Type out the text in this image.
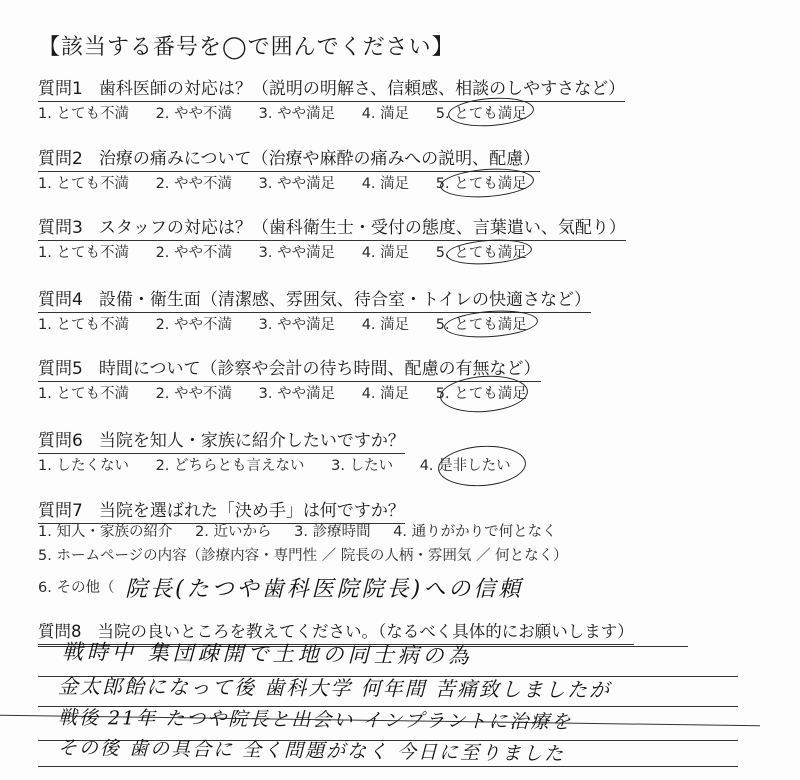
【該当する番号を◯で囲んでください】
質問1 歯科医師の対応は？（説明の明解さ、信頼感、相談のしやすさなど）
1. とても不満 2. やや不満 3. やや満足 4. 満足 5. とても満足
質問2 治療の痛みについて（治療や麻酔の痛みへの説明、配慮）
1. とても不満 2. やや不満 3. やや満足 4. 満足 5. とても満足
質問3 スタッフの対応は？（歯科衛生士・受付の態度、言葉遣い、気配り）
1. とても不満 2. やや不満 3. やや満足 4. 満足 5. とても満足
質問4 設備・衛生面（清潔感、雰囲気、待合室・トイレの快適さなど）
1. とても不満 2. やや不満 3. やや満足 4. 満足 5. とても満足
質問5 時間について（診察や会計の待ち時間、配慮の有無など）
1. とても不満 2. やや不満 3. やや満足 4. 満足 5. とても満足
質問6 当院を知人・家族に紹介したいですか？
1. したくない 2. どちらとも言えない 3. したい 4. 是非したい
質問7 当院を選ばれた「決め手」は何ですか？
1. 知人・家族の紹介 2. 近いから 3. 診療時間 4. 通りがかりで何となく
5. ホームページの内容（診療内容・専門性 ／ 院長の人柄・雰囲気 ／ 何となく）
6. その他（ 院長(たつや歯科医院院長)への信頼
質問8 当院の良いところを教えてください。（なるべく具体的にお願いします）
戦時中 集団疎開で土地の同士病の為
金太郎飴になって後 歯科大学 何年間 苦痛致しましたが
戦後 21年 たつや院長と出会い インプラントに治療を
その後 歯の具合に 全く問題がなく 今日に至りました
